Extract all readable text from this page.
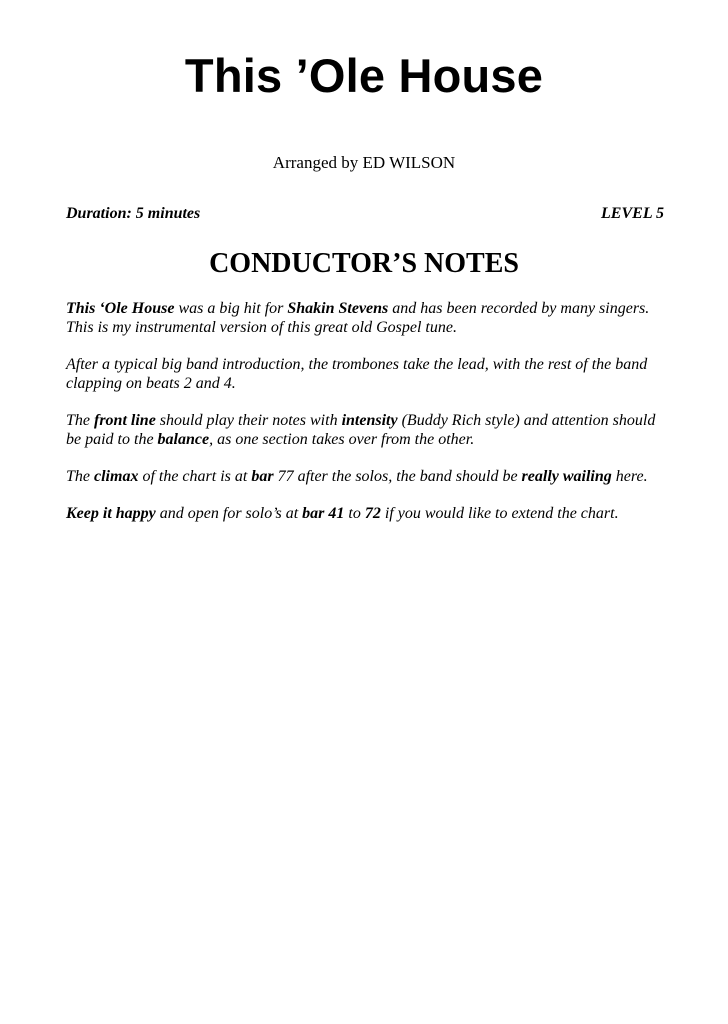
This ’Ole House
Arranged by ED WILSON
Duration: 5 minutes	LEVEL 5
CONDUCTOR’S NOTES

This ‘Ole House was a big hit for Shakin Stevens and has been recorded by many singers. This is my instrumental version of this great old Gospel tune.

After a typical big band introduction, the trombones take the lead, with the rest of the band clapping on beats 2 and 4.

The front line should play their notes with intensity (Buddy Rich style) and attention should be paid to the balance, as one section takes over from the other.

The climax of the chart is at bar 77 after the solos, the band should be really wailing here.

Keep it happy and open for solo’s at bar 41 to 72 if you would like to extend the chart.
